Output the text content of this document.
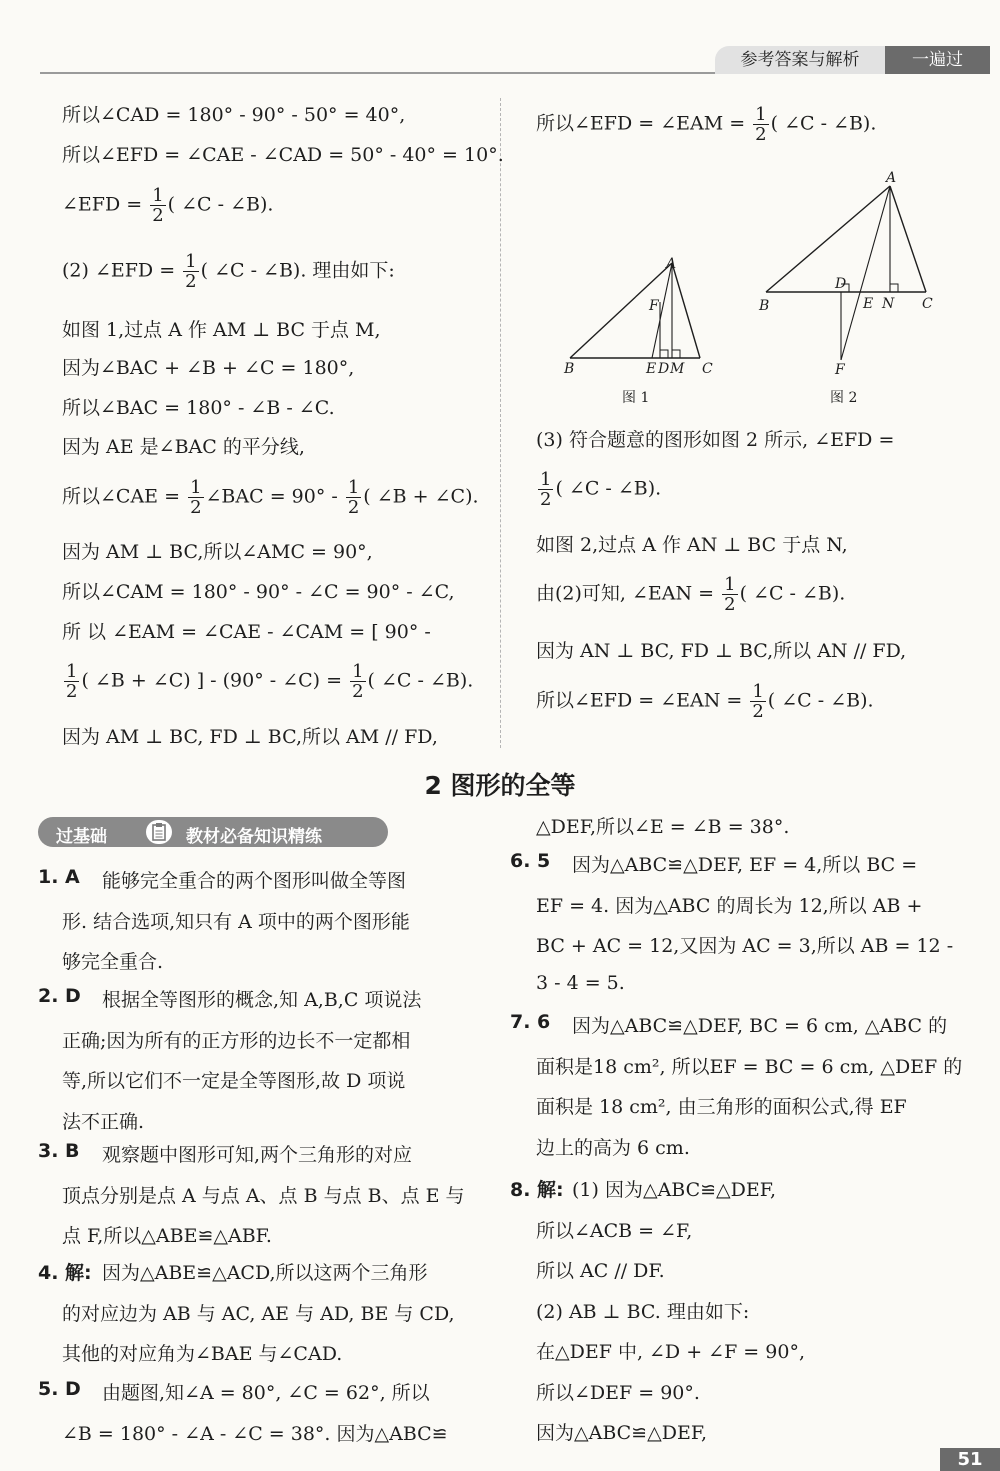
参考答案与解析	一遍过
所以∠CAD = 180° - 90° - 50° = 40°,
所以∠EFD = ∠CAE - ∠CAD = 50° - 40° = 10°.
∠EFD = $\frac{1}{2}$ ( ∠C - ∠B).
(2) ∠EFD = $\frac{1}{2}$ ( ∠C - ∠B). 理由如下:
如图 1,过点 A 作 AM ⊥ BC 于点 M,
因为∠BAC + ∠B + ∠C = 180°,
所以∠BAC = 180° - ∠B - ∠C.
因为 AE 是∠BAC 的平分线,
所以∠CAE = $\frac{1}{2}$ ∠BAC = $90^\circ - \frac{1}{2}$ ( ∠B + ∠C).
因为 AM ⊥ BC,所以∠AMC = 90°,
所以∠CAM = 180° - 90° - ∠C = 90° - ∠C,
所 以 ∠EAM = ∠CAE - ∠CAM = [ 90° -
$\frac{1}{2}$ ( ∠B + ∠C) ] - (90° - ∠C) = $\frac{1}{2}$ ( ∠C - ∠B).
因为 AM ⊥ BC, FD ⊥ BC,所以 AM // FD,
所以∠EFD = ∠EAM = $\frac{1}{2}$ ( ∠C - ∠B).
(3) 符合题意的图形如图 2 所示, ∠EFD =
$\frac{1}{2}$ ( ∠C - ∠B).
如图 2,过点 A 作 AN ⊥ BC 于点 N,
由(2)可知, ∠EAN = $\frac{1}{2}$ ( ∠C - ∠B).
因为 AN ⊥ BC, FD ⊥ BC,所以 AN // FD,
所以∠EFD = ∠EAN = $\frac{1}{2}$ ( ∠C - ∠B).
A
B	C
E D M
F
图 1
A
B	C
D
E N
F
图 2
2 图形的全等
过基础	教材必备知识精练
1. A 能够完全重合的两个图形叫做全等图
形. 结合选项,知只有 A 项中的两个图形能
够完全重合.
2. D 根据全等图形的概念,知 A,B,C 项说法
正确;因为所有的正方形的边长不一定都相
等,所以它们不一定是全等图形,故 D 项说
法不正确.
3. B 观察题中图形可知,两个三角形的对应
顶点分别是点 A 与点 A、点 B 与点 B、点 E 与
点 F,所以△ABE≌△ABF.
4. 解: 因为△ABE≌△ACD,所以这两个三角形
的对应边为 AB 与 AC, AE 与 AD, BE 与 CD,
其他的对应角为∠BAE 与∠CAD.
5. D 由题图,知∠A = 80°, ∠C = 62°, 所以
∠B = 180° - ∠A - ∠C = 38°. 因为△ABC≌
△DEF,所以∠E = ∠B = 38°.
6. 5 因为△ABC≌△DEF, EF = 4,所以 BC =
EF = 4. 因为△ABC 的周长为 12,所以 AB +
BC + AC = 12,又因为 AC = 3,所以 AB = 12 -
3 - 4 = 5.
7. 6 因为△ABC≌△DEF, BC = 6 cm, △ABC 的
面积是18 cm², 所以EF = BC = 6 cm, △DEF 的
面积是 18 cm², 由三角形的面积公式,得 EF
边上的高为 6 cm.
8. 解: (1) 因为△ABC≌△DEF,
所以∠ACB = ∠F,
所以 AC // DF.
(2) AB ⊥ BC. 理由如下:
在△DEF 中, ∠D + ∠F = 90°,
所以∠DEF = 90°.
因为△ABC≌△DEF,
51
